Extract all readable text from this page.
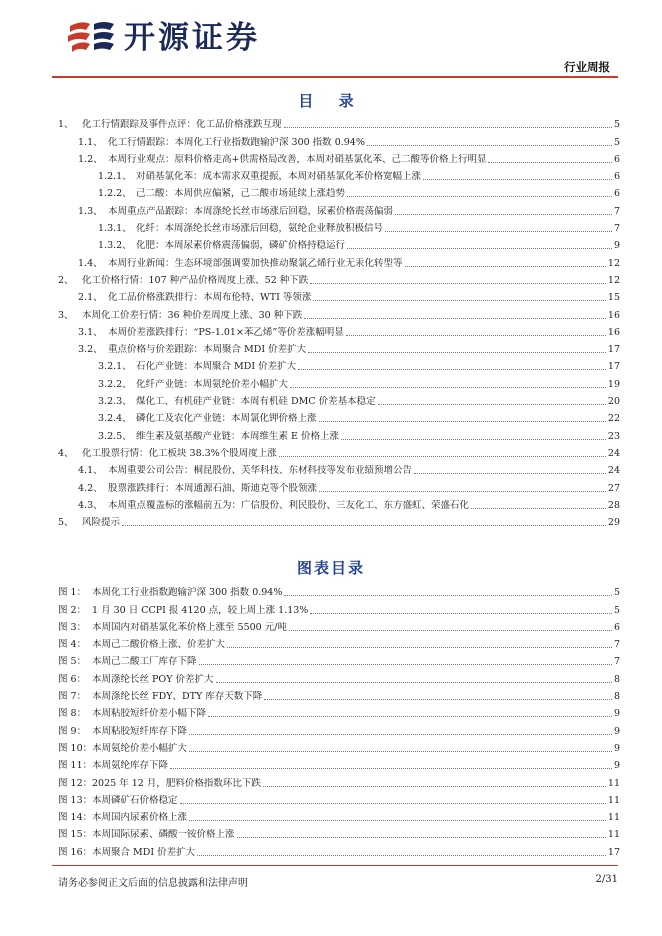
开源证券
行业周报
目 录
1、 化工行情跟踪及事件点评：化工品价格涨跌互现	5
1.1、 化工行情跟踪：本周化工行业指数跑输沪深 300 指数 0.94%	5
1.2、 本周行业观点：原料价格走高+供需格局改善，本周对硝基氯化苯、己二酸等价格上行明显	6
1.2.1、 对硝基氯化苯：成本需求双重提振，本周对硝基氯化苯价格宽幅上涨	6
1.2.2、 己二酸：本周供应偏紧，己二酸市场延续上涨趋势	6
1.3、 本周重点产品跟踪：本周涤纶长丝市场涨后回稳，尿素价格震荡偏弱	7
1.3.1、 化纤：本周涤纶长丝市场涨后回稳，氨纶企业释放积极信号	7
1.3.2、 化肥：本周尿素价格震荡偏弱，磷矿价格持稳运行	9
1.4、 本周行业新闻：生态环境部强调要加快推动聚氯乙烯行业无汞化转型等	12
2、 化工价格行情：107 种产品价格周度上涨、52 种下跌	12
2.1、 化工品价格涨跌排行：本周布伦特、WTI 等领涨	15
3、 本周化工价差行情：36 种价差周度上涨、30 种下跌	16
3.1、 本周价差涨跌排行：“PS-1.01×苯乙烯”等价差涨幅明显	16
3.2、 重点价格与价差跟踪：本周聚合 MDI 价差扩大	17
3.2.1、 石化产业链：本周聚合 MDI 价差扩大	17
3.2.2、 化纤产业链：本周氨纶价差小幅扩大	19
3.2.3、 煤化工、有机硅产业链：本周有机硅 DMC 价差基本稳定	20
3.2.4、 磷化工及农化产业链：本周氯化钾价格上涨	22
3.2.5、 维生素及氨基酸产业链：本周维生素 E 价格上涨	23
4、 化工股票行情：化工板块 38.3%个股周度上涨	24
4.1、 本周重要公司公告：桐昆股份、芙华科技、东材科技等发布业绩预增公告	24
4.2、 股票涨跌排行：本周通源石油、斯迪克等个股领涨	27
4.3、 本周重点覆盖标的涨幅前五为：广信股份、利民股份、三友化工、东方盛虹、荣盛石化	28
5、 风险提示	29
图表目录
图 1： 本周化工行业指数跑输沪深 300 指数 0.94%	5
图 2： 1 月 30 日 CCPI 报 4120 点，较上周上涨 1.13%	5
图 3： 本周国内对硝基氯化苯价格上涨至 5500 元/吨	6
图 4： 本周己二酸价格上涨、价差扩大	7
图 5： 本周己二酸工厂库存下降	7
图 6： 本周涤纶长丝 POY 价差扩大	8
图 7： 本周涤纶长丝 FDY、DTY 库存天数下降	8
图 8： 本周粘胶短纤价差小幅下降	9
图 9： 本周粘胶短纤库存下降	9
图 10： 本周氨纶价差小幅扩大	9
图 11： 本周氨纶库存下降	9
图 12： 2025 年 12 月，肥料价格指数环比下跌	11
图 13： 本周磷矿石价格稳定	11
图 14： 本周国内尿素价格上涨	11
图 15： 本周国际尿素、磷酸一铵价格上涨	11
图 16： 本周聚合 MDI 价差扩大	17
请务必参阅正文后面的信息披露和法律声明	2/31
